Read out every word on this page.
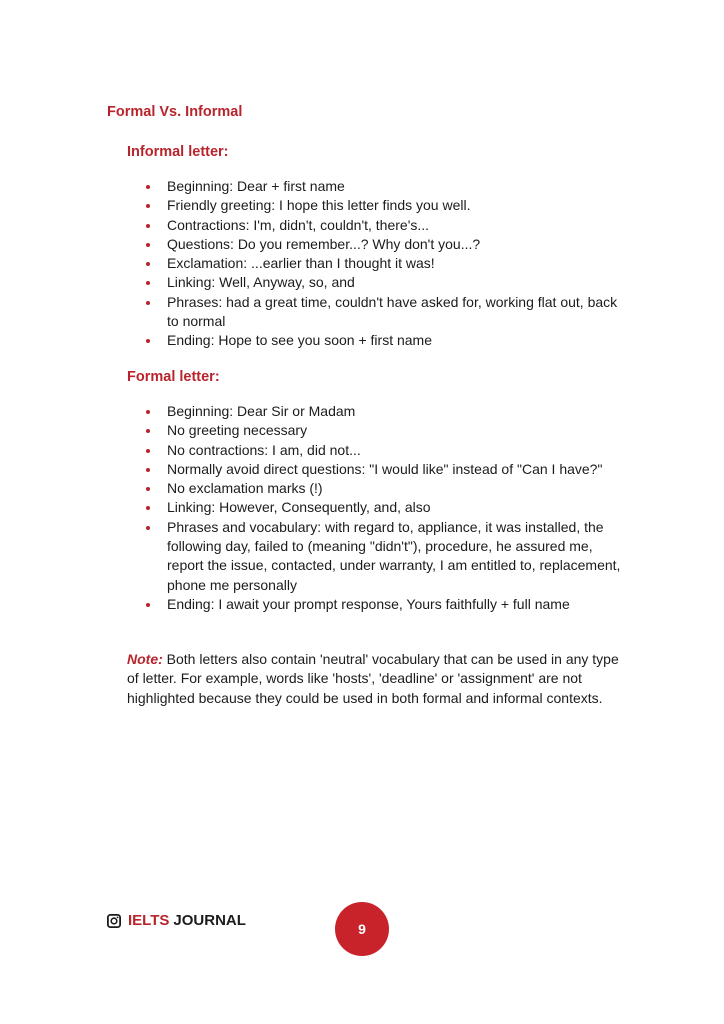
Formal Vs. Informal
Informal letter:
Beginning: Dear + first name
Friendly greeting: I hope this letter finds you well.
Contractions: I'm, didn't, couldn't, there's...
Questions: Do you remember...? Why don't you...?
Exclamation: ...earlier than I thought it was!
Linking: Well, Anyway, so, and
Phrases: had a great time, couldn't have asked for, working flat out, back to normal
Ending: Hope to see you soon + first name
Formal letter:
Beginning: Dear Sir or Madam
No greeting necessary
No contractions: I am, did not...
Normally avoid direct questions: "I would like" instead of "Can I have?"
No exclamation marks (!)
Linking: However, Consequently, and, also
Phrases and vocabulary: with regard to, appliance, it was installed, the following day, failed to (meaning "didn't"), procedure, he assured me, report the issue, contacted, under warranty, I am entitled to, replacement, phone me personally
Ending: I await your prompt response, Yours faithfully + full name

Note: Both letters also contain 'neutral' vocabulary that can be used in any type of letter. For example, words like 'hosts', 'deadline' or 'assignment' are not highlighted because they could be used in both formal and informal contexts.

IELTS JOURNAL	9
